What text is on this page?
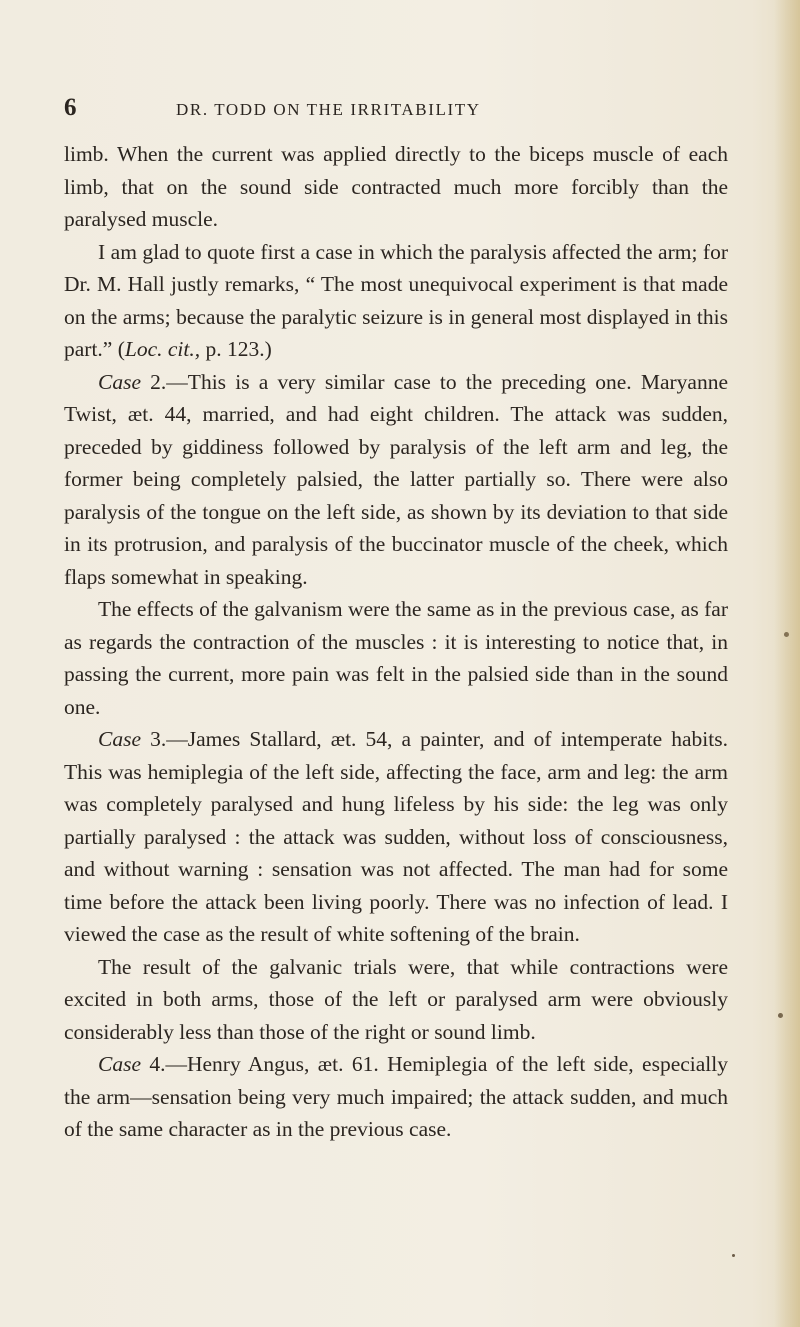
6	DR. TODD ON THE IRRITABILITY

limb. When the current was applied directly to the biceps muscle of each limb, that on the sound side contracted much more forcibly than the paralysed muscle.

I am glad to quote first a case in which the paralysis affected the arm; for Dr. M. Hall justly remarks, “ The most unequivocal experiment is that made on the arms; because the paralytic seizure is in general most displayed in this part.” (Loc. cit., p. 123.)

Case 2.—This is a very similar case to the preceding one. Maryanne Twist, æt. 44, married, and had eight children. The attack was sudden, preceded by giddiness followed by paralysis of the left arm and leg, the former being completely palsied, the latter partially so. There were also paralysis of the tongue on the left side, as shown by its deviation to that side in its protrusion, and paralysis of the buccinator muscle of the cheek, which flaps somewhat in speaking.

The effects of the galvanism were the same as in the previous case, as far as regards the contraction of the muscles : it is interesting to notice that, in passing the current, more pain was felt in the palsied side than in the sound one.

Case 3.—James Stallard, æt. 54, a painter, and of intemperate habits. This was hemiplegia of the left side, affecting the face, arm and leg: the arm was completely paralysed and hung lifeless by his side: the leg was only partially paralysed : the attack was sudden, without loss of consciousness, and without warning : sensation was not affected. The man had for some time before the attack been living poorly. There was no infection of lead. I viewed the case as the result of white softening of the brain.

The result of the galvanic trials were, that while contractions were excited in both arms, those of the left or paralysed arm were obviously considerably less than those of the right or sound limb.

Case 4.—Henry Angus, æt. 61. Hemiplegia of the left side, especially the arm—sensation being very much impaired; the attack sudden, and much of the same character as in the previous case.
